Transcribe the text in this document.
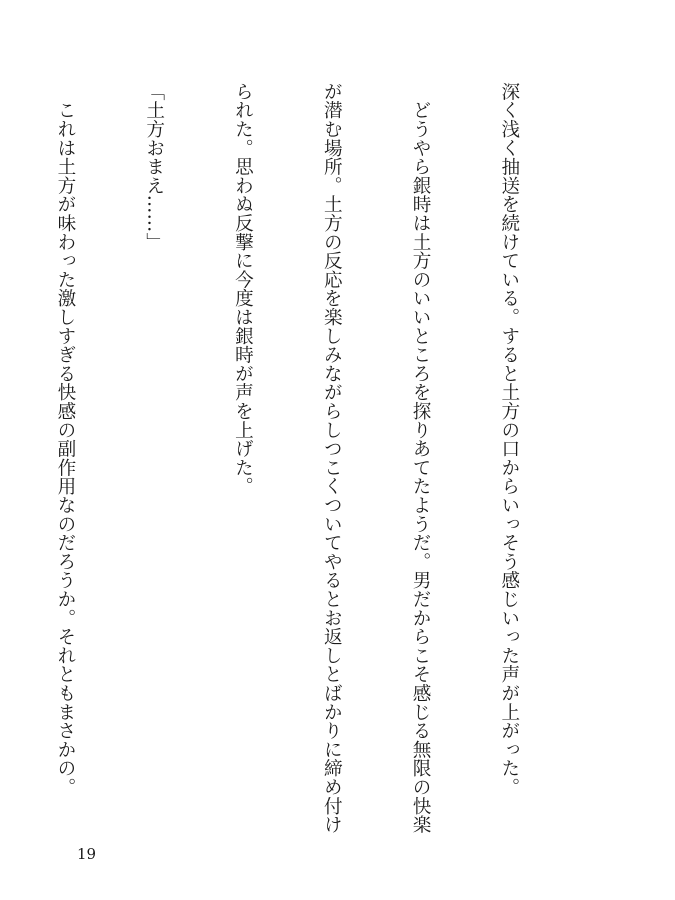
深く浅く抽送を続けている。すると土方の口からいっそう感じいった声が上がった。

　どうやら銀時は土方のいいところを探りあてたようだ。男だからこそ感じる無限の快楽

が潜む場所。土方の反応を楽しみながらしつこくついてやるとお返しとばかりに締め付け

られた。思わぬ反撃に今度は銀時が声を上げた。

「土方おまえ……」

　これは土方が味わった激しすぎる快感の副作用なのだろうか。それともまさかの。

19
